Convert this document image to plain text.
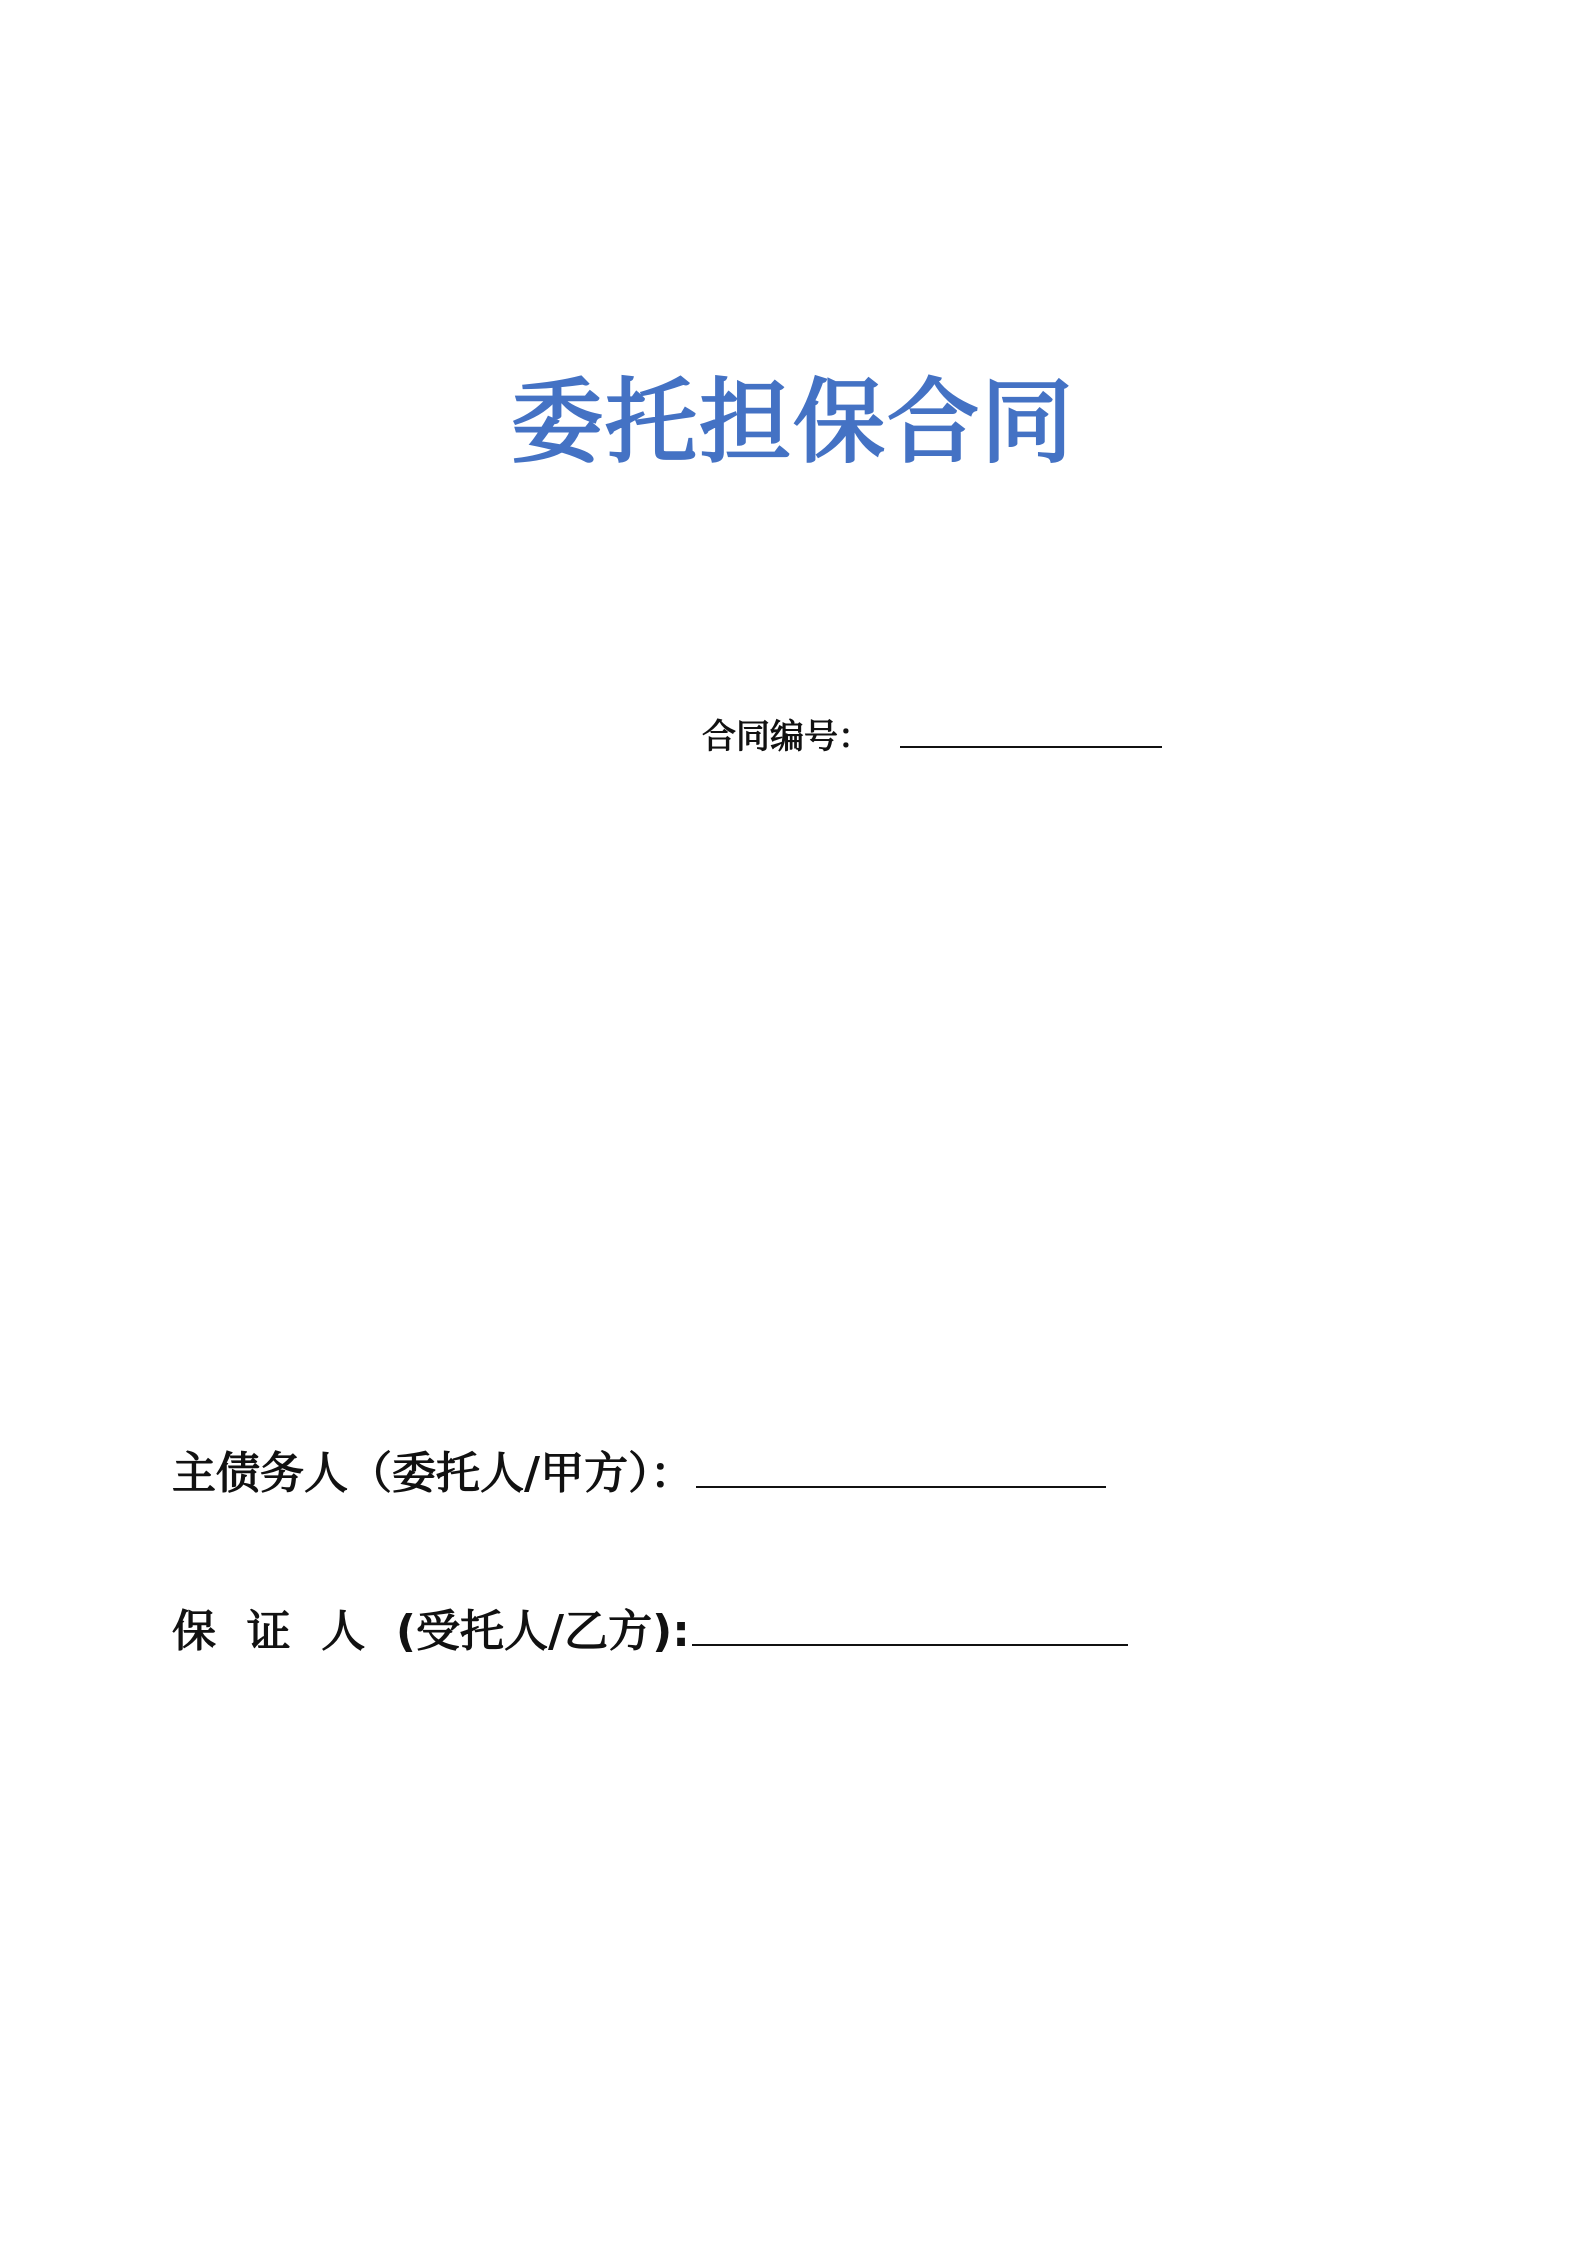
委托担保合同
合同编号：
主债务人（委托人/甲方）：
保  证  人  (受托人/乙方):
